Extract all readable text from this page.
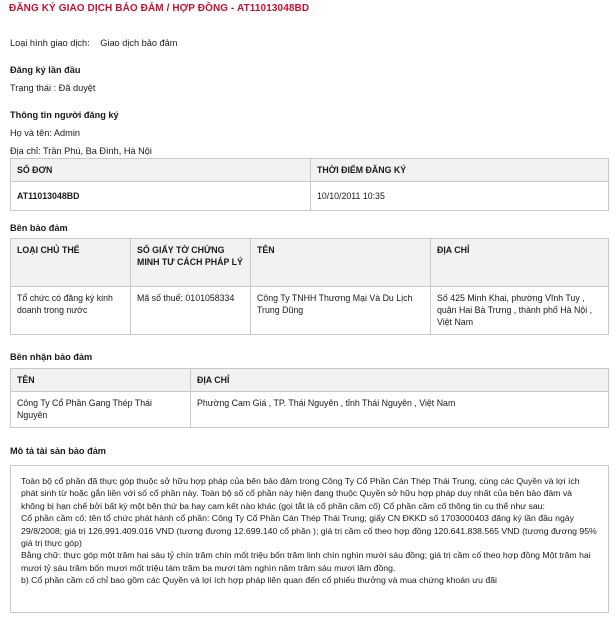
ĐĂNG KÝ GIAO DỊCH BẢO ĐẢM / HỢP ĐỒNG - AT11013048BD
Loại hình giao dịch: Giao dịch bảo đảm
Đăng ký lần đầu
Trạng thái : Đã duyệt
Thông tin người đăng ký
Họ và tên: Admin
Địa chỉ: Trần Phú, Ba Đình, Hà Nội
SỐ ĐƠN	THỜI ĐIỂM ĐĂNG KÝ
AT11013048BD	10/10/2011 10:35
Bên bảo đảm
LOẠI CHỦ THỂ	SỐ GIẤY TỜ CHỨNG MINH TƯ CÁCH PHÁP LÝ	TÊN	ĐỊA CHỈ
Tổ chức có đăng ký kinh doanh trong nước	Mã số thuế: 0101058334	Công Ty TNHH Thương Mại Và Du Lịch Trung Dũng	Số 425 Minh Khai, phường Vĩnh Tuy , quận Hai Bà Trưng , thành phố Hà Nội , Việt Nam
Bên nhận bảo đảm
TÊN	ĐỊA CHỈ
Công Ty Cổ Phần Gang Thép Thái Nguyên	Phường Cam Giá , TP. Thái Nguyên , tỉnh Thái Nguyên , Việt Nam
Mô tả tài sản bảo đảm

Toàn bộ cổ phần đã thực góp thuộc sở hữu hợp pháp của bên bảo đảm trong Công Ty Cổ Phần Cán Thép Thái Trung, cùng các Quyền và lợi ích phát sinh từ hoặc gắn liền với số cổ phần này. Toàn bộ số cổ phần này hiện đang thuộc Quyền sở hữu hợp pháp duy nhất của bên bảo đảm và không bị hạn chế bởi bất kỳ một bên thứ ba hay cam kết nào khác (gọi tắt là cổ phần cầm cố) Cổ phần cầm cố thông tin cụ thể như sau:

Cổ phần cầm cố: tên tổ chức phát hành cổ phần: Công Ty Cổ Phần Cán Thép Thái Trung; giấy CN ĐKKD số 1703000403 đăng ký lần đầu ngày 29/8/2008; giá trị 126.991.409.016 VND (tương đương 12.699.140 cổ phần ); giá trị cầm cố theo hợp đồng 120.641.838.565 VND (tương đương 95% giá trị thực góp)

Bằng chữ: thực góp một trăm hai sáu tỷ chín trăm chín mốt triệu bốn trăm linh chín nghìn mười sáu đồng; giá trị cầm cố theo hợp đồng Một trăm hai mươi tỷ sáu trăm bốn mươi mốt triệu tám trăm ba mươi tám nghìn năm trăm sáu mươi lăm đồng.

b) Cổ phần cầm cố chỉ bao gồm các Quyền và lợi ích hợp pháp liên quan đến cổ phiếu thưởng và mua chứng khoán ưu đãi
